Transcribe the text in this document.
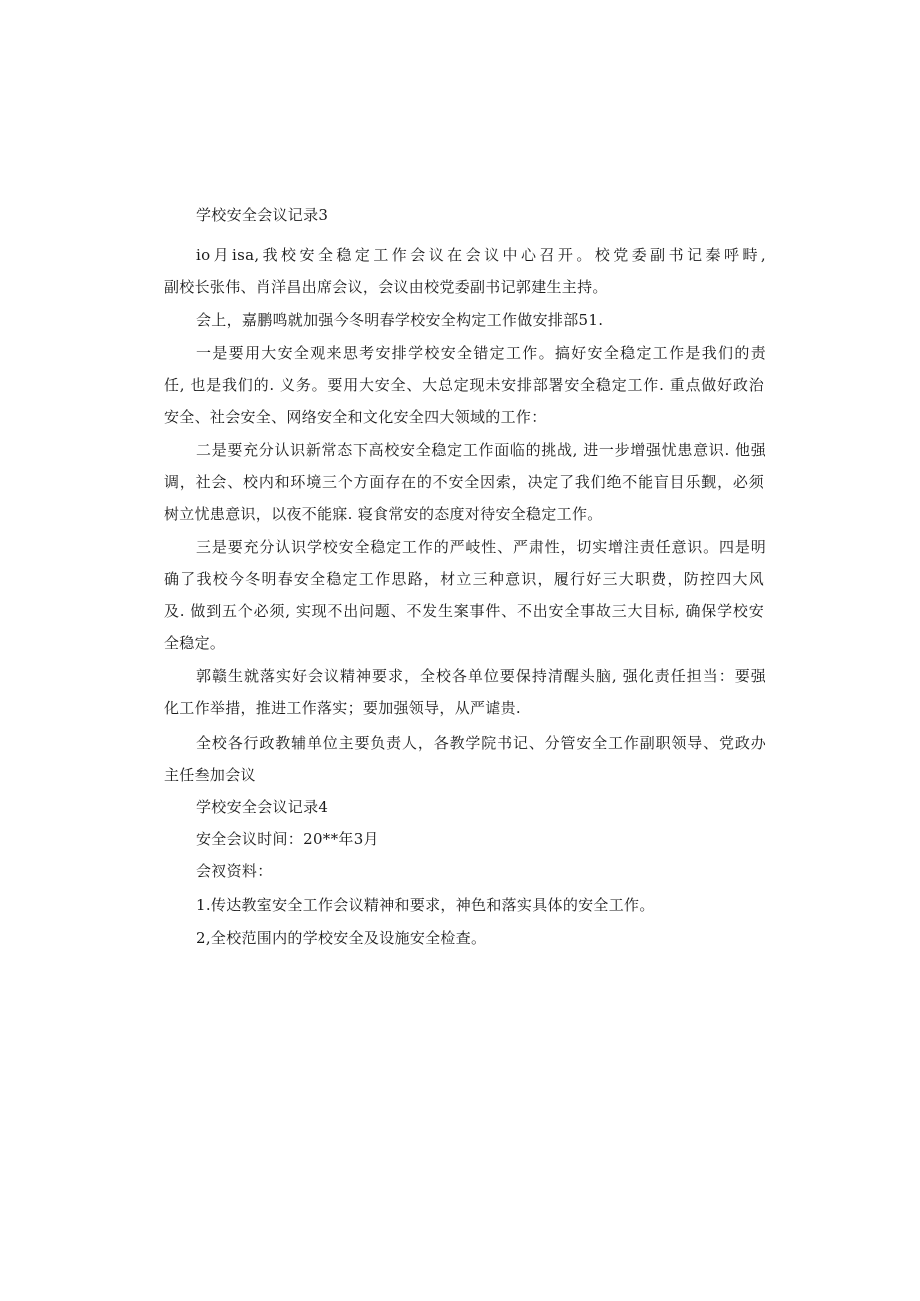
学校安全会议记录3
io月isa,我校安全稳定工作会议在会议中心召开。校党委副书记秦呼畤,
副校长张伟、肖洋昌出席会议，会议由校党委副书记郭建生主持。
会上，嘉鹏鸣就加强今冬明春学校安全构定工作做安排部51.
一是要用大安全观来思考安排学校安全错定工作。搞好安全稳定工作是我们的责
任, 也是我们的. 义务。要用大安全、大总定现未安排部署安全稳定工作. 重点做好政治
安全、社会安全、网络安全和文化安全四大领域的工作：
二是要充分认识新常态下高校安全稳定工作面临的挑战, 进一步增强忧患意识. 他强
调，社会、校内和环境三个方面存在的不安全因索，决定了我们绝不能盲目乐觐，必须
树立忧患意识，以夜不能寐. 寝食常安的态度对待安全稳定工作。
三是要充分认识学校安全稳定工作的严岐性、严肃性，切实增注责任意识。四是明
确了我校今冬明春安全稳定工作思路，材立三种意识，履行好三大职费，防控四大风
及. 做到五个必须, 实现不出问题、不发生案事件、不出安全事故三大目标, 确保学校安
全稳定。
郭赣生就落实好会议精神要求，全校各单位要保持清醒头脑, 强化责任担当：要强
化工作举措，推进工作落实；要加强领导，从严谑贵.
全校各行政教辅单位主要负责人，各教学院书记、分管安全工作副职领导、党政办
主任叁加会议
学校安全会议记录4
安全会议时间：20**年3月
会衩资料：
1.传达教室安全工作会议精神和要求，神色和落实具体的安全工作。
2,全校范围内的学校安全及设施安全检查。
